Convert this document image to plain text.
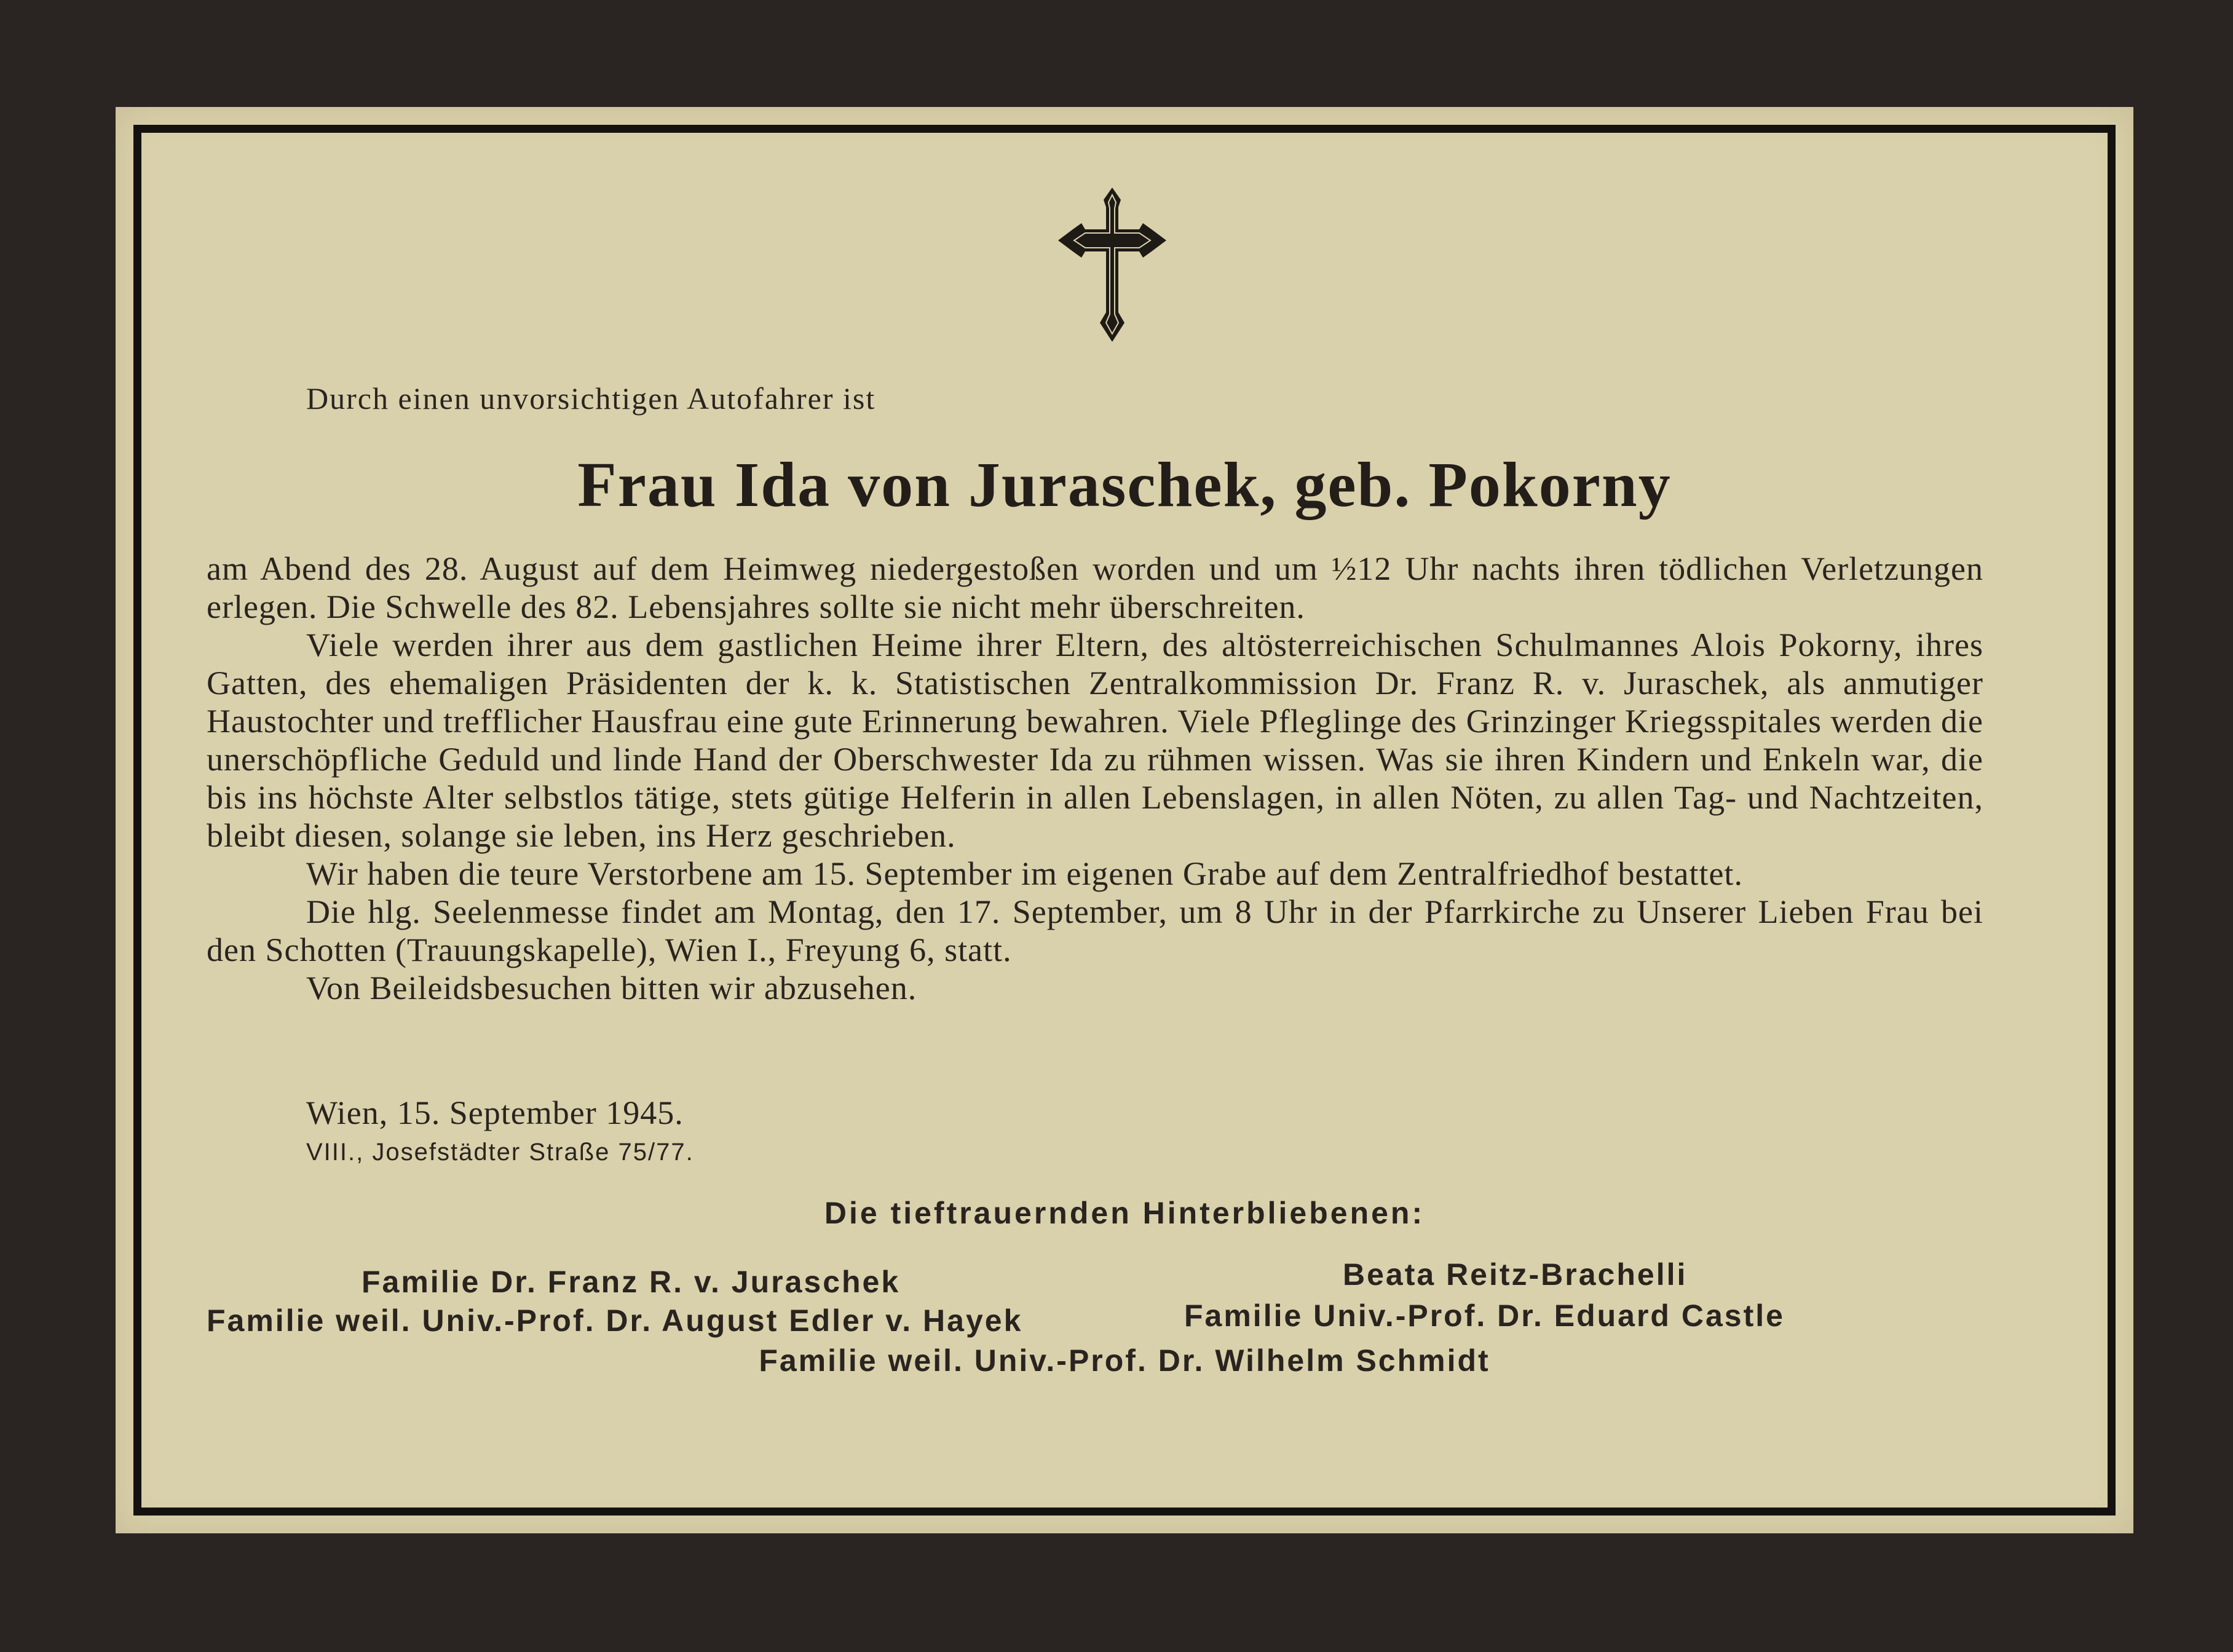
Durch einen unvorsichtigen Autofahrer ist
Frau Ida von Juraschek, geb. Pokorny

am Abend des 28. August auf dem Heimweg niedergestoßen worden und um ½12 Uhr nachts ihren tödlichen Verletzungen erlegen. Die Schwelle des 82. Lebensjahres sollte sie nicht mehr überschreiten.

Viele werden ihrer aus dem gastlichen Heime ihrer Eltern, des altösterreichischen Schulmannes Alois Pokorny, ihres Gatten, des ehemaligen Präsidenten der k. k. Statistischen Zentralkommission Dr. Franz R. v. Juraschek, als anmutiger Haustochter und trefflicher Hausfrau eine gute Erinnerung bewahren. Viele Pfleglinge des Grinzinger Kriegsspitales werden die unerschöpfliche Geduld und linde Hand der Oberschwester Ida zu rühmen wissen. Was sie ihren Kindern und Enkeln war, die bis ins höchste Alter selbstlos tätige, stets gütige Helferin in allen Lebenslagen, in allen Nöten, zu allen Tag- und Nachtzeiten, bleibt diesen, solange sie leben, ins Herz geschrieben.

Wir haben die teure Verstorbene am 15. September im eigenen Grabe auf dem Zentralfriedhof bestattet.

Die hlg. Seelenmesse findet am Montag, den 17. September, um 8 Uhr in der Pfarrkirche zu Unserer Lieben Frau bei den Schotten (Trauungskapelle), Wien I., Freyung 6, statt.

Von Beileidsbesuchen bitten wir abzusehen.

Wien, 15. September 1945.
VIII., Josefstädter Straße 75/77.
Die tieftrauernden Hinterbliebenen:
Familie Dr. Franz R. v. Juraschek	Beata Reitz-Brachelli
Familie weil. Univ.-Prof. Dr. August Edler v. Hayek	Familie Univ.-Prof. Dr. Eduard Castle
Familie weil. Univ.-Prof. Dr. Wilhelm Schmidt
